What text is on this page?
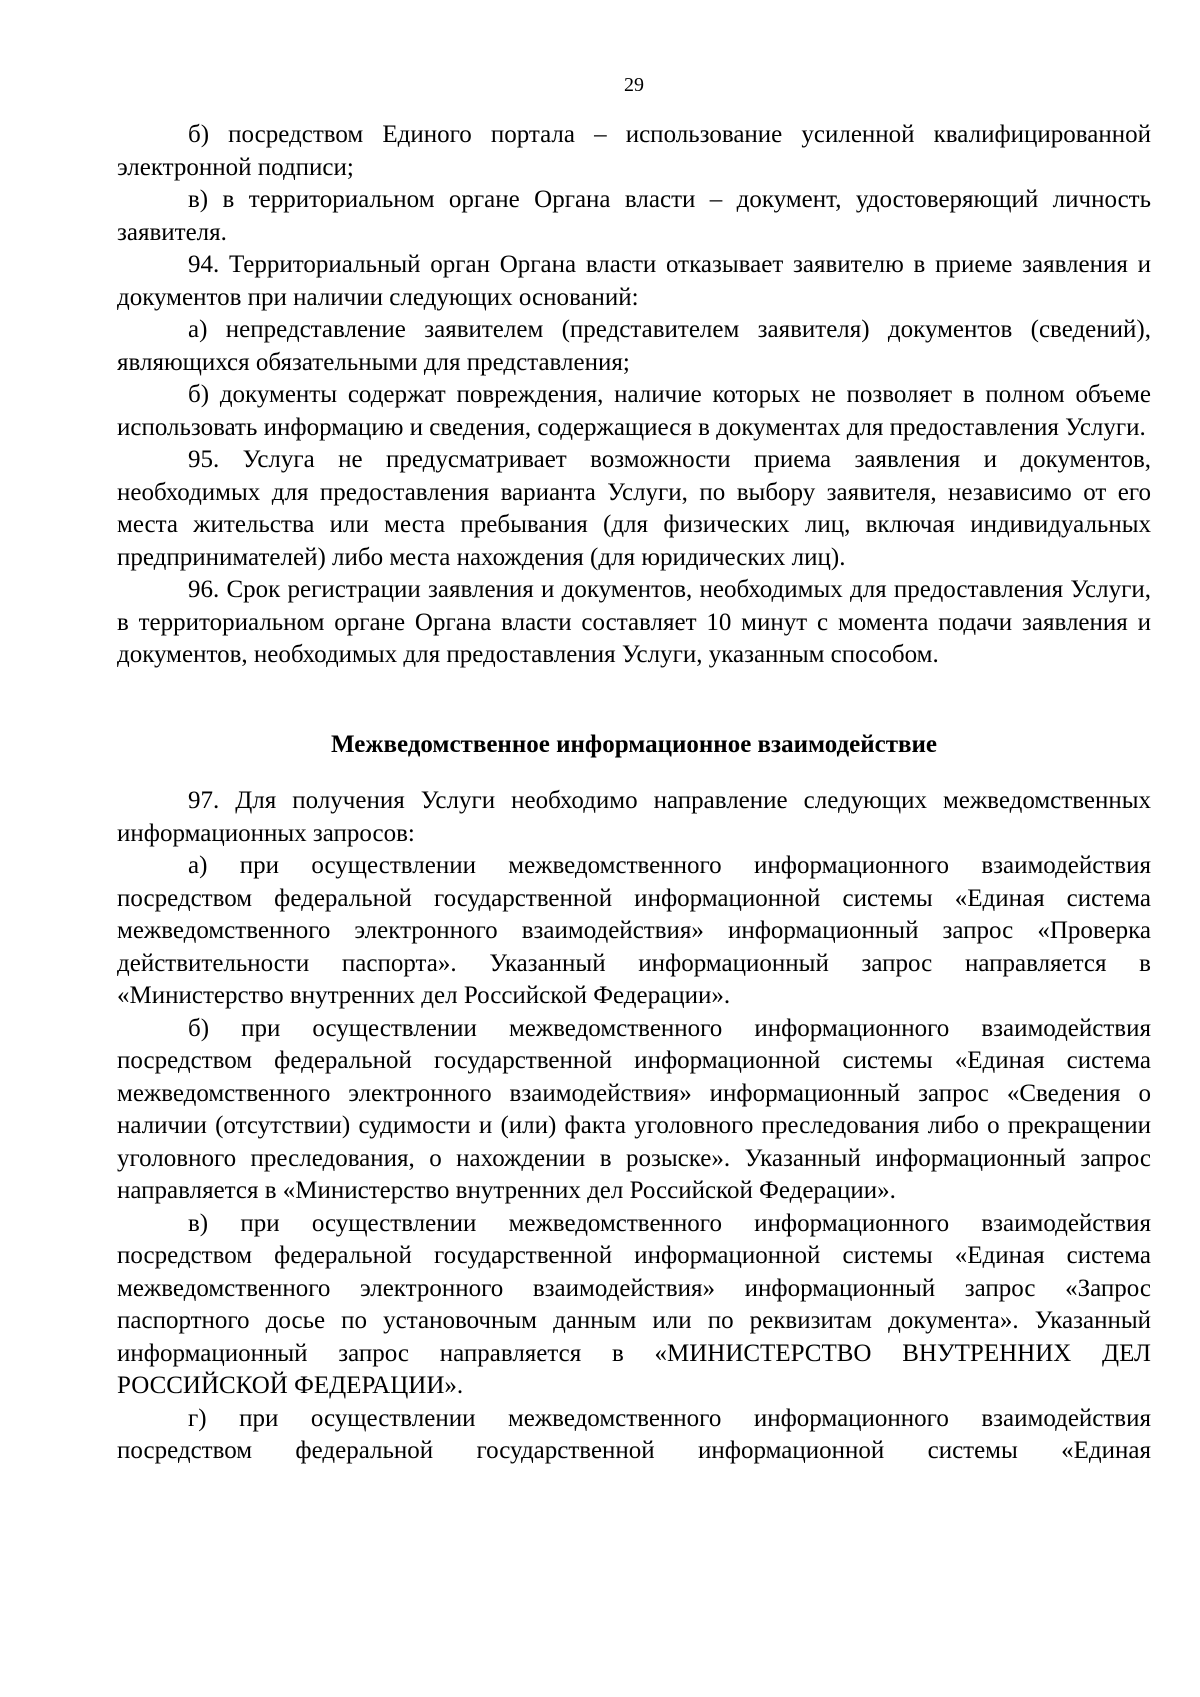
29

б) посредством Единого портала – использование усиленной квалифицированной электронной подписи;

в) в территориальном органе Органа власти – документ, удостоверяющий личность заявителя.

94. Территориальный орган Органа власти отказывает заявителю в приеме заявления и документов при наличии следующих оснований:

а) непредставление заявителем (представителем заявителя) документов (сведений), являющихся обязательными для представления;

б) документы содержат повреждения, наличие которых не позволяет в полном объеме использовать информацию и сведения, содержащиеся в документах для предоставления Услуги.

95. Услуга не предусматривает возможности приема заявления и документов, необходимых для предоставления варианта Услуги, по выбору заявителя, независимо от его места жительства или места пребывания (для физических лиц, включая индивидуальных предпринимателей) либо места нахождения (для юридических лиц).

96. Срок регистрации заявления и документов, необходимых для предоставления Услуги, в территориальном органе Органа власти составляет 10 минут с момента подачи заявления и документов, необходимых для предоставления Услуги, указанным способом.

Межведомственное информационное взаимодействие

97. Для получения Услуги необходимо направление следующих межведомственных информационных запросов:

а) при осуществлении межведомственного информационного взаимодействия посредством федеральной государственной информационной системы «Единая система межведомственного электронного взаимодействия» информационный запрос «Проверка действительности паспорта». Указанный информационный запрос направляется в «Министерство внутренних дел Российской Федерации».

б) при осуществлении межведомственного информационного взаимодействия посредством федеральной государственной информационной системы «Единая система межведомственного электронного взаимодействия» информационный запрос «Сведения о наличии (отсутствии) судимости и (или) факта уголовного преследования либо о прекращении уголовного преследования, о нахождении в розыске». Указанный информационный запрос направляется в «Министерство внутренних дел Российской Федерации».

в) при осуществлении межведомственного информационного взаимодействия посредством федеральной государственной информационной системы «Единая система межведомственного электронного взаимодействия» информационный запрос «Запрос паспортного досье по установочным данным или по реквизитам документа». Указанный информационный запрос направляется в «МИНИСТЕРСТВО ВНУТРЕННИХ ДЕЛ РОССИЙСКОЙ ФЕДЕРАЦИИ».

г) при осуществлении межведомственного информационного взаимодействия посредством федеральной государственной информационной системы «Единая
